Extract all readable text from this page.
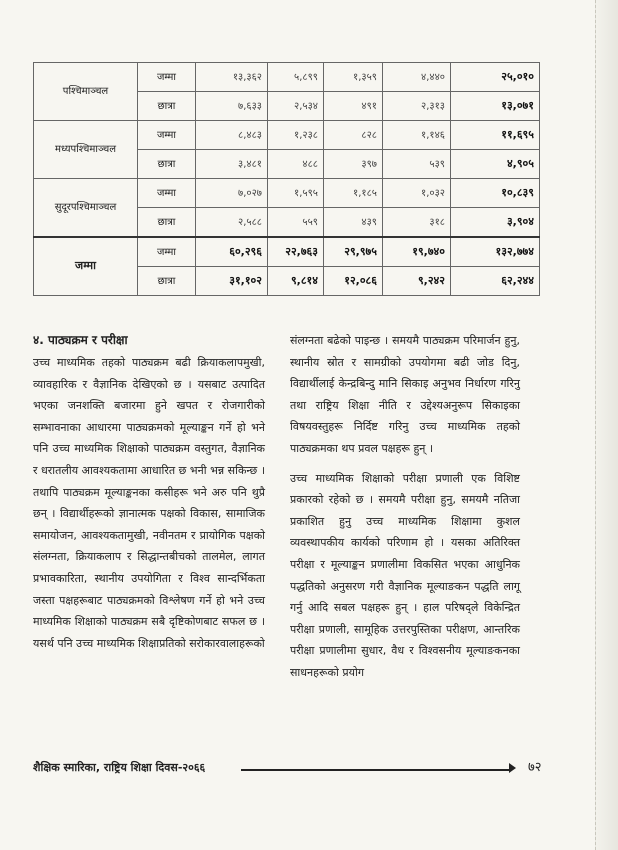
पश्चिमाञ्चल	जम्मा	१३,३६२	५,८९९	१,३५९	४,४४०	२५,०१०
	छात्रा	७,६३३	२,५३४	४९१	२,३१३	१३,०७१
मध्यपश्चिमाञ्चल	जम्मा	८,४८३	१,२३८	८२८	१,१४६	११,६९५
	छात्रा	३,४८१	४८८	३९७	५३९	४,९०५
सुदूरपश्चिमाञ्चल	जम्मा	७,०२७	१,५९५	१,१८५	१,०३२	१०,८३९
	छात्रा	२,५८८	५५९	४३९	३१८	३,९०४
जम्मा	जम्मा	६०,२९६	२२,७६३	२९,९७५	१९,७४०	१३२,७७४
	छात्रा	३१,१०२	९,८१४	१२,०८६	९,२४२	६२,२४४
४. पाठ्यक्रम र परीक्षा

उच्च माध्यमिक तहको पाठ्यक्रम बढी क्रियाकलापमुखी, व्यावहारिक र वैज्ञानिक देखिएको छ । यसबाट उत्पादित भएका जनशक्ति बजारमा हुने खपत र रोजगारीको सम्भावनाका आधारमा पाठ्यक्रमको मूल्याङ्कन गर्ने हो भने पनि उच्च माध्यमिक शिक्षाको पाठ्यक्रम वस्तुगत, वैज्ञानिक र धरातलीय आवश्यकतामा आधारित छ भनी भन्न सकिन्छ । तथापि पाठ्यक्रम मूल्याङ्कनका कसीहरू भने अरु पनि थुप्रै छन् । विद्यार्थीहरूको ज्ञानात्मक पक्षको विकास, सामाजिक समायोजन, आवश्यकतामुखी, नवीनतम र प्रायोगिक पक्षको संलग्नता, क्रियाकलाप र सिद्धान्तबीचको तालमेल, लागत प्रभावकारिता, स्थानीय उपयोगिता र विश्व सान्दर्भिकता जस्ता पक्षहरूबाट पाठ्यक्रमको विश्लेषण गर्ने हो भने उच्च माध्यमिक शिक्षाको पाठ्यक्रम सबै दृष्टिकोणबाट सफल छ । यसर्थ पनि उच्च माध्यमिक शिक्षाप्रतिको सरोकारवालाहरूको

संलग्नता बढेको पाइन्छ । समयमै पाठ्यक्रम परिमार्जन हुनु, स्थानीय स्रोत र सामग्रीको उपयोगमा बढी जोड दिनु, विद्यार्थीलाई केन्द्रबिन्दु मानि सिकाइ अनुभव निर्धारण गरिनु तथा राष्ट्रिय शिक्षा नीति र उद्देश्यअनुरूप सिकाइका विषयवस्तुहरू निर्दिष्ट गरिनु उच्च माध्यमिक तहको पाठ्यक्रमका थप प्रवल पक्षहरू हुन् ।

उच्च माध्यमिक शिक्षाको परीक्षा प्रणाली एक विशिष्ट प्रकारको रहेको छ । समयमै परीक्षा हुनु, समयमै नतिजा प्रकाशित हुनु उच्च माध्यमिक शिक्षामा कुशल व्यवस्थापकीय कार्यको परिणाम हो । यसका अतिरिक्त परीक्षा र मूल्याङ्कन प्रणालीमा विकसित भएका आधुनिक पद्धतिको अनुसरण गरी वैज्ञानिक मूल्याङकन पद्धति लागू गर्नु आदि सबल पक्षहरू हुन् । हाल परिषद्ले विकेन्द्रित परीक्षा प्रणाली, सामूहिक उत्तरपुस्तिका परीक्षण, आन्तरिक परीक्षा प्रणालीमा सुधार, वैध र विश्वसनीय मूल्याङकनका साधनहरूको प्रयोग

शैक्षिक स्मारिका, राष्ट्रिय शिक्षा दिवस-२०६६	७२
